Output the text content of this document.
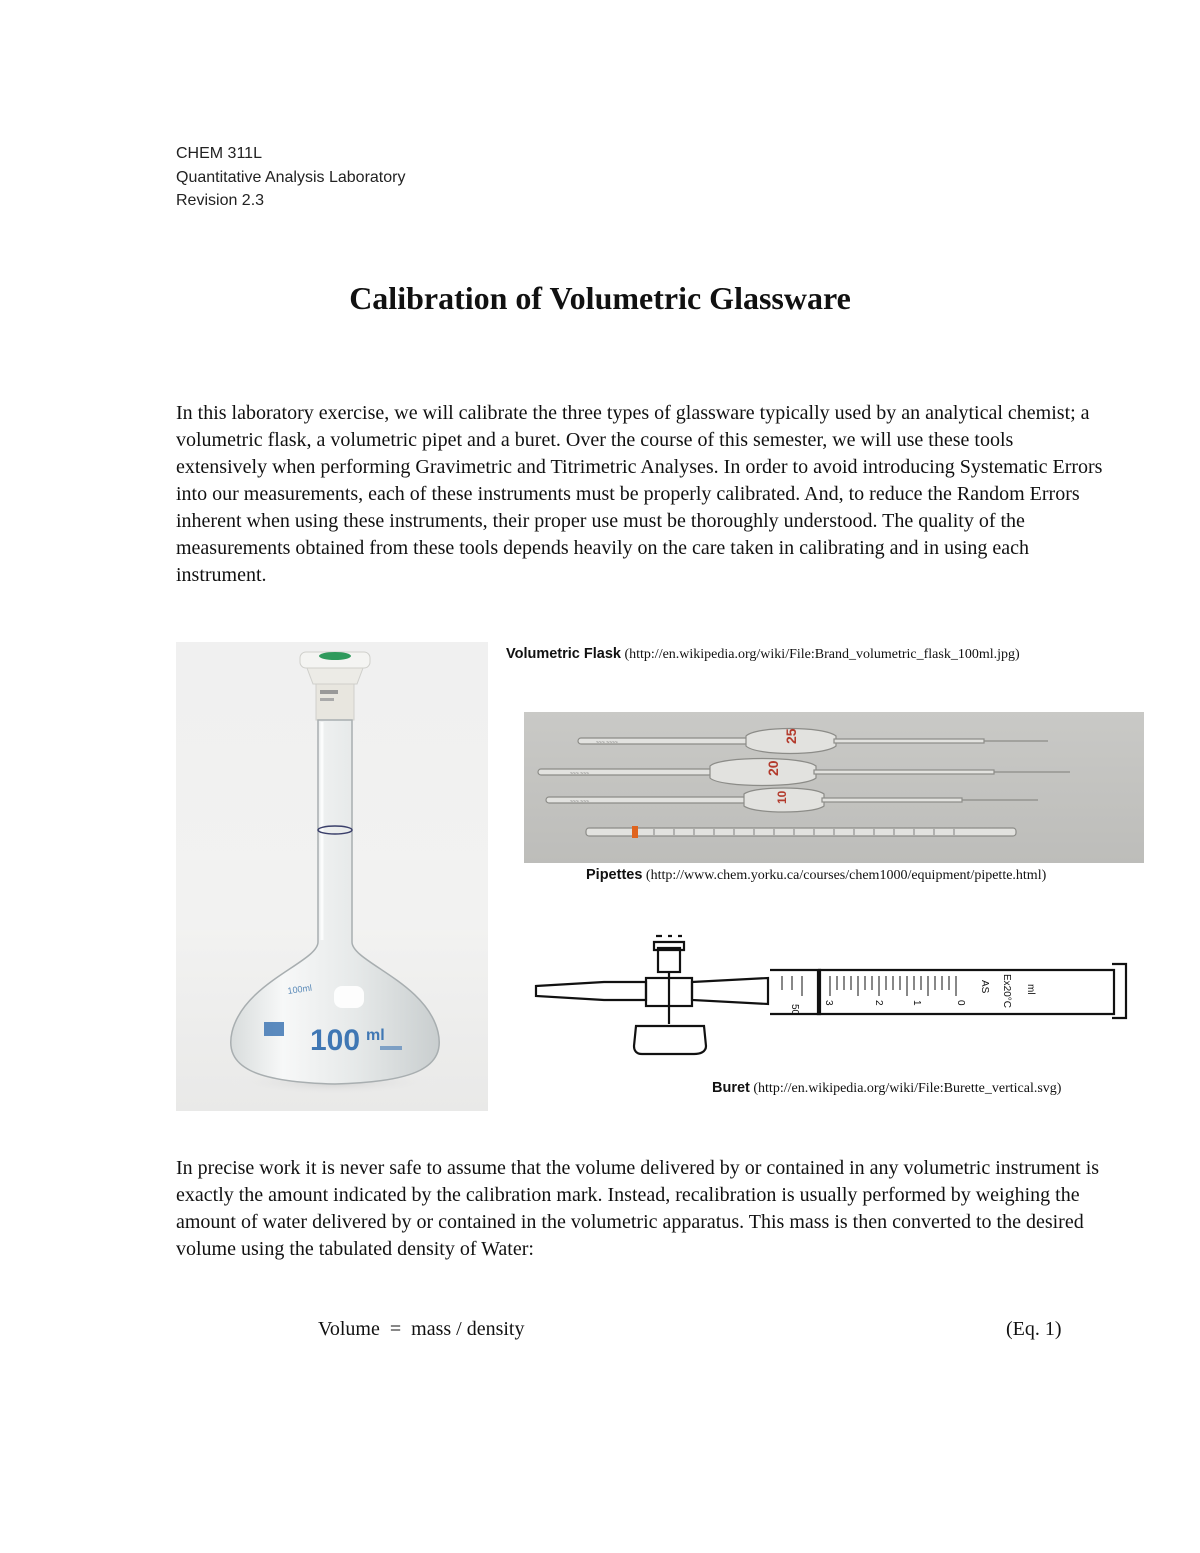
CHEM 311L
Quantitative Analysis Laboratory
Revision 2.3
Calibration of Volumetric Glassware
In this laboratory exercise, we will calibrate the three types of glassware typically used by an analytical chemist; a volumetric flask, a volumetric pipet and a buret. Over the course of this semester, we will use these tools extensively when performing Gravimetric and Titrimetric Analyses. In order to avoid introducing Systematic Errors into our measurements, each of these instruments must be properly calibrated. And, to reduce the Random Errors inherent when using these instruments, their proper use must be thoroughly understood. The quality of the measurements obtained from these tools depends heavily on the care taken in calibrating and in using each instrument.
100ml
100 ml
Volumetric Flask (http://en.wikipedia.org/wiki/File:Brand_volumetric_flask_100ml.jpg)
~~~ ~~~~
~~~ ~~~
~~~ ~~~
25
20
10
Pipettes (http://www.chem.yorku.ca/courses/chem1000/equipment/pipette.html)
50
3	2	1	0
AS Ex20°C ml
Buret (http://en.wikipedia.org/wiki/File:Burette_vertical.svg)
In precise work it is never safe to assume that the volume delivered by or contained in any volumetric instrument is exactly the amount indicated by the calibration mark. Instead, recalibration is usually performed by weighing the amount of water delivered by or contained in the volumetric apparatus. This mass is then converted to the desired volume using the tabulated density of Water:
Volume  =  mass / density	(Eq. 1)
